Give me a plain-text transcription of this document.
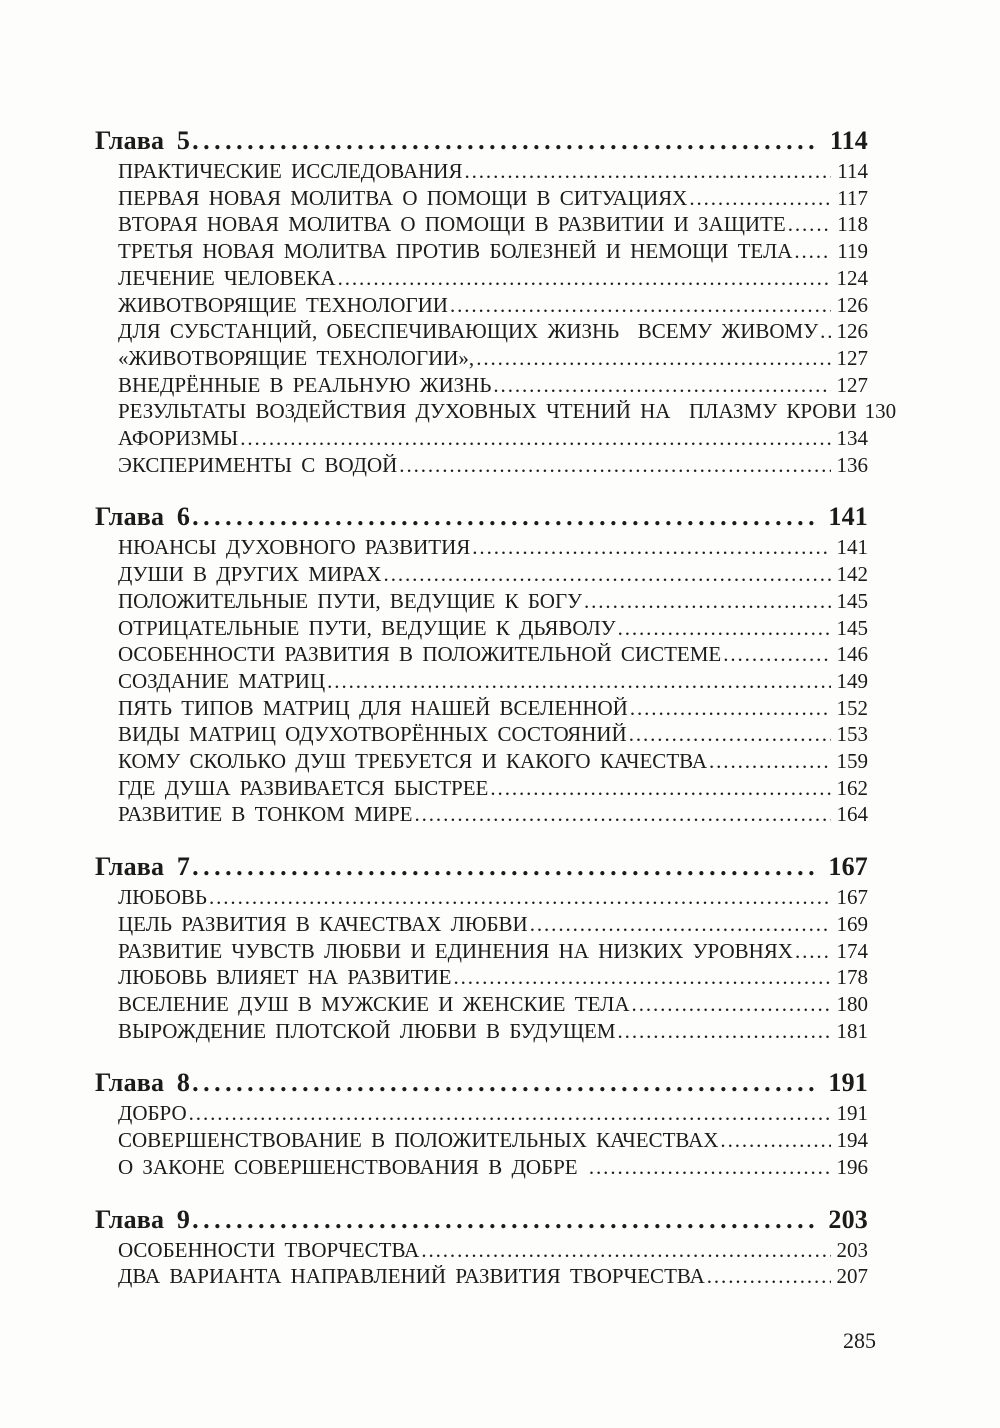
Глава 5 .....	114
ПРАКТИЧЕСКИЕ ИССЛЕДОВАНИЯ .....	114
ПЕРВАЯ НОВАЯ МОЛИТВА О ПОМОЩИ В СИТУАЦИЯХ .....	117
ВТОРАЯ НОВАЯ МОЛИТВА О ПОМОЩИ В РАЗВИТИИ И ЗАЩИТЕ ..... 118
ТРЕТЬЯ НОВАЯ МОЛИТВА ПРОТИВ БОЛЕЗНЕЙ И НЕМОЩИ ТЕЛА ..... 119
ЛЕЧЕНИЕ ЧЕЛОВЕКА .....	124
ЖИВОТВОРЯЩИЕ ТЕХНОЛОГИИ .....	126
ДЛЯ СУБСТАНЦИЙ, ОБЕСПЕЧИВАЮЩИХ ЖИЗНЬ  ВСЕМУ ЖИВОМУ ..... 126
«ЖИВОТВОРЯЩИЕ ТЕХНОЛОГИИ», .....	127
ВНЕДРЁННЫЕ В РЕАЛЬНУЮ ЖИЗНЬ .....	127
РЕЗУЛЬТАТЫ ВОЗДЕЙСТВИЯ ДУХОВНЫХ ЧТЕНИЙ НА  ПЛАЗМУ КРОВИ 130
АФОРИЗМЫ .....	134
ЭКСПЕРИМЕНТЫ С ВОДОЙ .....	136
Глава 6 .....	141
НЮАНСЫ ДУХОВНОГО РАЗВИТИЯ .....	141
ДУШИ В ДРУГИХ МИРАХ .....	142
ПОЛОЖИТЕЛЬНЫЕ ПУТИ, ВЕДУЩИЕ К БОГУ .....	145
ОТРИЦАТЕЛЬНЫЕ ПУТИ, ВЕДУЩИЕ К ДЬЯВОЛУ .....	145
ОСОБЕННОСТИ РАЗВИТИЯ В ПОЛОЖИТЕЛЬНОЙ СИСТЕМЕ .....	146
СОЗДАНИЕ МАТРИЦ .....	149
ПЯТЬ ТИПОВ МАТРИЦ ДЛЯ НАШЕЙ ВСЕЛЕННОЙ .....	152
ВИДЫ МАТРИЦ ОДУХОТВОРЁННЫХ СОСТОЯНИЙ .....	153
КОМУ СКОЛЬКО ДУШ ТРЕБУЕТСЯ И КАКОГО КАЧЕСТВА .....	159
ГДЕ ДУША РАЗВИВАЕТСЯ БЫСТРЕЕ .....	162
РАЗВИТИЕ В ТОНКОМ МИРЕ .....	164
Глава 7 .....	167
ЛЮБОВЬ .....	167
ЦЕЛЬ РАЗВИТИЯ В КАЧЕСТВАХ ЛЮБВИ .....	169
РАЗВИТИЕ ЧУВСТВ ЛЮБВИ И ЕДИНЕНИЯ НА НИЗКИХ УРОВНЯХ ..... 174
ЛЮБОВЬ ВЛИЯЕТ НА РАЗВИТИЕ .....	178
ВСЕЛЕНИЕ ДУШ В МУЖСКИЕ И ЖЕНСКИЕ ТЕЛА .....	180
ВЫРОЖДЕНИЕ ПЛОТСКОЙ ЛЮБВИ В БУДУЩЕМ .....	181
Глава 8 .....	191
ДОБРО .....	191
СОВЕРШЕНСТВОВАНИЕ В ПОЛОЖИТЕЛЬНЫХ КАЧЕСТВАХ .....	194
О ЗАКОНЕ СОВЕРШЕНСТВОВАНИЯ В ДОБРЕ .....	196
Глава 9 .....	203
ОСОБЕННОСТИ ТВОРЧЕСТВА .....	203
ДВА ВАРИАНТА НАПРАВЛЕНИЙ РАЗВИТИЯ ТВОРЧЕСТВА .....	207
285
